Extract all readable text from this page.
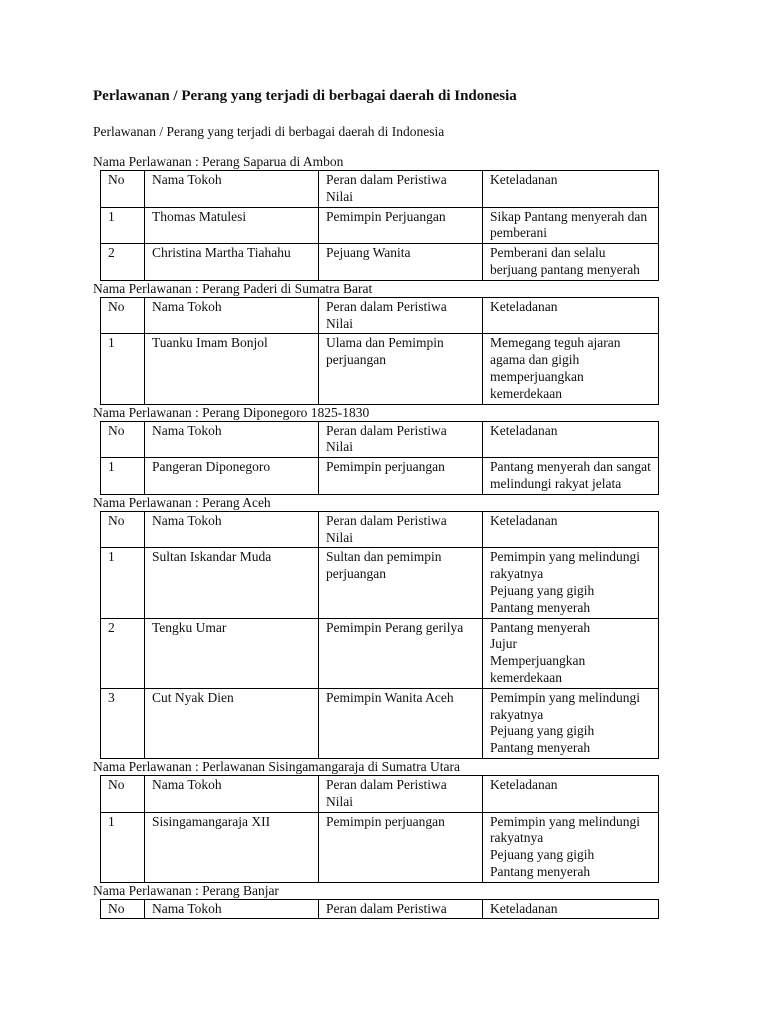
Perlawanan / Perang yang terjadi di berbagai daerah di Indonesia

Perlawanan / Perang yang terjadi di berbagai daerah di Indonesia

Nama Perlawanan : Perang Saparua di Ambon

No	Nama Tokoh	Peran dalam Peristiwa Nilai	Keteladanan
1	Thomas Matulesi	Pemimpin Perjuangan	Sikap Pantang menyerah dan pemberani
2	Christina Martha Tiahahu	Pejuang Wanita	Pemberani dan selalu berjuang pantang menyerah

Nama Perlawanan : Perang Paderi di Sumatra Barat

No	Nama Tokoh	Peran dalam Peristiwa Nilai	Keteladanan
1	Tuanku Imam Bonjol	Ulama dan Pemimpin perjuangan	Memegang teguh ajaran agama dan gigih memperjuangkan kemerdekaan

Nama Perlawanan : Perang Diponegoro 1825-1830

No	Nama Tokoh	Peran dalam Peristiwa Nilai	Keteladanan
1	Pangeran Diponegoro	Pemimpin perjuangan	Pantang menyerah dan sangat melindungi rakyat jelata

Nama Perlawanan : Perang Aceh

No	Nama Tokoh	Peran dalam Peristiwa Nilai	Keteladanan
1	Sultan Iskandar Muda	Sultan dan pemimpin perjuangan	Pemimpin yang melindungi rakyatnya
Pejuang yang gigih
Pantang menyerah

2	Tengku Umar	Pemimpin Perang gerilya	Pantang menyerah
Jujur
Memperjuangkan kemerdekaan

3	Cut Nyak Dien	Pemimpin Wanita Aceh	Pemimpin yang melindungi rakyatnya
Pejuang yang gigih
Pantang menyerah

Nama Perlawanan : Perlawanan Sisingamangaraja di Sumatra Utara

No	Nama Tokoh	Peran dalam Peristiwa Nilai	Keteladanan
1	Sisingamangaraja XII	Pemimpin perjuangan	Pemimpin yang melindungi rakyatnya
Pejuang yang gigih
Pantang menyerah

Nama Perlawanan : Perang Banjar

No	Nama Tokoh	Peran dalam Peristiwa	Keteladanan
